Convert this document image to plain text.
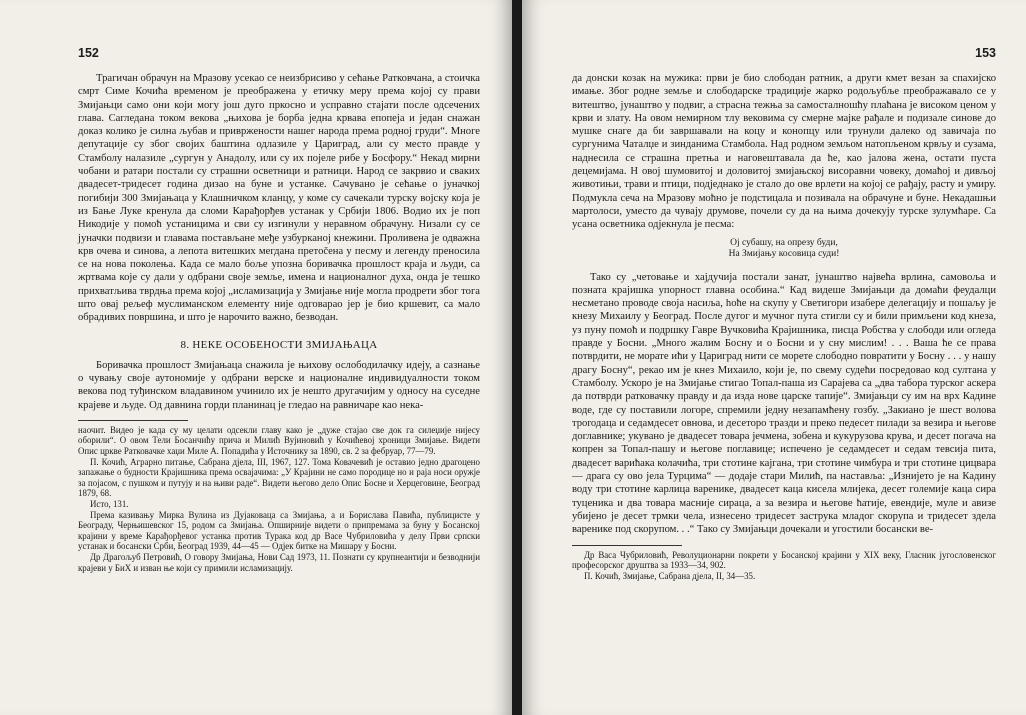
152

Трагичан обрачун на Мразову усекао се неизбрисиво у сећање Ратковчана, а стоичка смрт Симе Кочића временом је преображена у етичку меру према којој су прави Змијањци само они који могу још дуго пркосно и усправно стајати после одсечених глава. Сагледана током векова „њихова је борба једна крвава епопеја и један снажан доказ колико је силна љубав и привржености нашег народа према родној груди“. Многе депутације су због својих баштина одлазиле у Цариград, али су место правде у Стамболу налазиле „сургун у Анадолу, или су их појеле рибе у Босфору.“ Некад мирни чобани и ратари постали су страшни осветници и ратници. Народ се закрвио и свакиx двадесет-тридесет година дизао на буне и устанке. Сачувано је сећање о јуначкој погибији 300 Змијањаца у Клашничком кланцу, у коме су сачекали турску војску која је из Бање Луке кренула да сломи Карађорђев устанак у Србији 1806. Водио их је поп Никодије у помоћ устаницима и сви су изгинули у неравном обрачуну. Низали су се јуначки подвизи и главама постављане међе узбурканој кнежини. Проливена је одважна крв очева и синова, а лепота витешких мегдана претočена у песму и легенду преносила се на нова поколења. Када се мало боље упозна боривачка прошлост краја и људи, са жртвама које су дали у одбрани своје земље, имена и националног духа, онда је тешко прихватљива тврдња према којој „исламизација у Змијање није могла продрети због тога што овај рељеф муслиманском елементу није одговарао јер је био кршевит, са мало обрадивих површина, и што је нарочито важно, безводан.

8. НЕКЕ ОСОБЕНОСТИ ЗМИЈАЊАЦА

Боривачка прошлост Змијањаца снажила је њихову ослободилачку идеју, а сазнање о чувању своје аутономије у одбрани верске и националне индивидуалности током векова под туђинском владавином учинило их је нешто другачијим у односу на суседне крајеве и људе. Од давнина горди планинац је гледао на равничаре као нека-

наочит. Видео је када су му целати одсекли главу како је „дуже стајао све док га силеџије нијесу оборили“. О овом Тели Босанчићу прича и Милић Вујиновић у Кочићевој хроници Змијање. Видети Опис цркве Ратковачке хаџи Миле А. Попадића у Источнику за 1890, св. 2 за фебруар, 77—79.

П. Кочић, Аграрно питање, Сабрана дјела, III, 1967, 127. Тома Ковачевић је оставио једно драгоцено запажање о будности Крајишника према освајачима: „У Крајини не само породице но и раја носи оружје за појасом, с пушком и путују и на њиви раде“. Видети његово дело Опис Босне и Херцеговине, Београд 1879, 68.

Исто, 131.

Према казивању Мирка Вулина из Дујаковаца са Змијања, а и Борислава Павића, публицисте у Београду, Черњишевског 15, родом са Змијања. Опширније видети о припремама за буну у Босанској крајини у време Карађорђевог устанка против Турака код др Васе Чубриловића у делу Први српски устанак и босански Срби, Београд 1939, 44—45 — Одјек битке на Мишару у Босни.

Др Драгољуб Петровић, О говору Змијања, Нови Сад 1973, 11. Познати су крупнеантији и безводнији крајеви у БиХ и изван ње који су примили исламизацију.

153

да донски козак на мужика: први је био слободан ратник, а други кмет везан за спахијско имање. Због родне земље и слободарске традиције жарко родољубље преображавало се у витештво, јунаштво у подвиг, а страсна тежња за самосталношћу плаћана је високом ценом у крви и злату. На овом немирном тлу вековима су смерне мајке рађале и подизале синове до мушке снаге да би завршавали на коцу и конопцу или трунули далеко од завичаја по сургунима Чаталџе и зинданима Стамбола. Над родном земљом натопљеном крвљу и сузама, наднесила се страшна претња и наговештавала да ће, као јалова жена, остати пуста децемијама. Н овој шумовитој и доловитој змијањској висоравни човеку, домаћој и дивљој животињи, трави и птици, подједнако је стало до ове врлети на којој се рађају, расту и умиру. Подмукла сеча на Мразову мoћно је подстицала и позивала на обрачуне и буне. Некадашњи мартолоси, уместо да чувају друмове, почели су да на њима дочекују турске зулумћаре. Са усана осветника одјекнула је песма:

Oj субашу, на опрезу буди,
На Змијању косовица суди!

Тако су „четовање и хајдучија постали занат, јунаштво највећа врлина, самовоља и позната крајишка упорност главна особина.“ Кад видеше Змијањци да домаћи феудалци несметано проводе своја насиља, hоће на скупу у Светигори изабере делегацију и пошаљу је кнезу Михаилу у Београд. После дугог и мучног пута стигли су и били примљени код кнеза, уз пуну помоћ и подршку Гавре Вучковића Крајишника, писца Робства у слободи или огледа правде у Босни. „Много жалим Босну и о Босни и у сну мислим! . . . Ваша ће се права потврдити, не морате ићи у Цариград нити се морете слободно повратити у Босну . . . у нашу драгу Босну“, рекао им је кнез Михаило, који је, по свему судећи посредовао код султана у Стамболу. Ускоро је на Змијање стигао Топал-паша из Сарајева са „два табора турског аскера да потврди ратковачку правду и да изда нове царске тапије“. Змијањци су им на врх Кадине воде, где су поставили логоре, спремили једну незапамћену гозбу. „Закиано је шест волова троrодаца и седамдесет овнова, и десеторо тразди и преко педесет пилади за везира и његове доглавнике; укувано је двадесет товара јечмена, зобена и кукурузова крува, и десет погача на копрен за Топал-пашу и његове поглавице; испечено је седамдесет и седам тевсија пита, двадесет варићака колачића, три стотине кајгана, три стотине чимбура и три стотине цицвара — драга су ово јела Турцима“ — додаје стари Милић, па наставља: „Изнијето је на Кадину воду три стотине карлица варенике, двадесет каца киселa млијека, десет големије каца сира туценика и два товара масније сирaца, а за везира и његове ћатије, евендије, муле и авизе убијено је десет трмки чела, изнесено тридесет заструка младог скорупа и тридесет зделa варенике под скорупом. . .“ Тако су Змијањци дочекали и угостили босански ве-

Др Васа Чубриловић, Револуционарни покрети у Босанској крајини у XIX веку, Гласник југословенског професорског друштва за 1933—34, 902.

П. Кочић, Змијање, Сабрана дјела, II, 34—35.
